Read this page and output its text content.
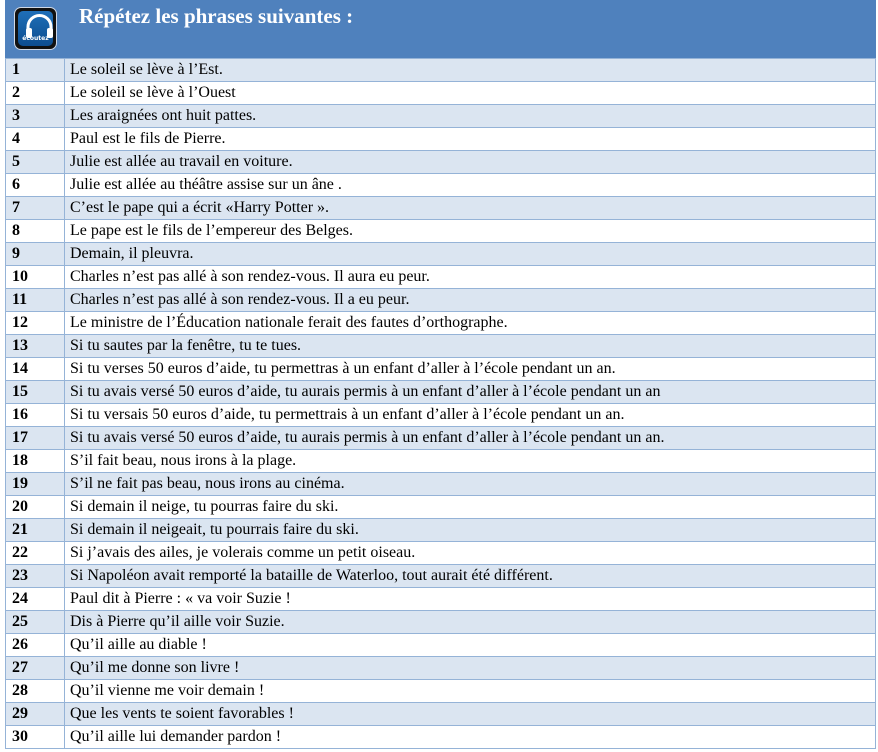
écoutez
Répétez les phrases suivantes :
1	Le soleil se lève à l’Est.
2	Le soleil se lève à l’Ouest
3	Les araignées ont huit pattes.
4	Paul est le fils de Pierre.
5	Julie est allée au travail en voiture.
6	Julie est allée au théâtre assise sur un âne .
7	C’est le pape qui a écrit «Harry Potter ».
8	Le pape est le fils de l’empereur des Belges.
9	Demain, il pleuvra.
10	Charles n’est pas allé à son rendez-vous. Il aura eu peur.
11	Charles n’est pas allé à son rendez-vous. Il a eu peur.
12	Le ministre de l’Éducation nationale ferait des fautes d’orthographe.
13	Si tu sautes par la fenêtre, tu te tues.
14	Si tu verses 50 euros d’aide, tu permettras à un enfant d’aller à l’école pendant un an.
15	Si tu avais versé 50 euros d’aide, tu aurais permis à un enfant d’aller à l’école pendant un an
16	Si tu versais 50 euros d’aide, tu permettrais à un enfant d’aller à l’école pendant un an.
17	Si tu avais versé 50 euros d’aide, tu aurais permis à un enfant d’aller à l’école pendant un an.
18	S’il fait beau, nous irons à la plage.
19	S’il ne fait pas beau, nous irons au cinéma.
20	Si demain il neige, tu pourras faire du ski.
21	Si demain il neigeait, tu pourrais faire du ski.
22	Si j’avais des ailes, je volerais comme un petit oiseau.
23	Si Napoléon avait remporté la bataille de Waterloo, tout aurait été différent.
24	Paul dit à Pierre : « va voir Suzie !
25	Dis à Pierre qu’il aille voir Suzie.
26	Qu’il aille au diable !
27	Qu’il me donne son livre !
28	Qu’il vienne me voir demain !
29	Que les vents te soient favorables !
30	Qu’il aille lui demander pardon !
